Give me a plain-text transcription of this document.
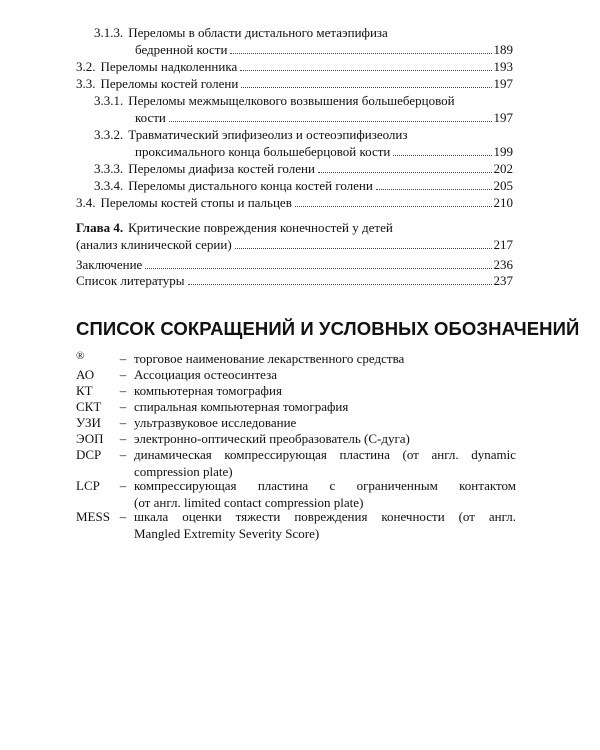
3.1.3. Переломы в области дистального метаэпифиза
бедренной кости	189
3.2. Переломы надколенника	193
3.3. Переломы костей голени	197
3.3.1. Переломы межмыщелкового возвышения большеберцовой
кости	197
3.3.2. Травматический эпифизеолиз и остеоэпифизеолиз
проксимального конца большеберцовой кости	199
3.3.3. Переломы диафиза костей голени	202
3.3.4. Переломы дистального конца костей голени	205
3.4. Переломы костей стопы и пальцев	210
Глава 4. Критические повреждения конечностей у детей
(анализ клинической серии)	217
Заключение	236
Список литературы	237
СПИСОК СОКРАЩЕНИЙ И УСЛОВНЫХ ОБОЗНАЧЕНИЙ
®	– торговое наименование лекарственного средства
АО	– Ассоциация остеосинтеза
КТ	– компьютерная томография
СКТ	– спиральная компьютерная томография
УЗИ	– ультразвуковое исследование
ЭОП	– электронно-оптический преобразователь (С-дуга)
DCP	– динамическая компрессирующая пластина (от англ. dynamic
compression plate)
LCP	– компрессирующая пластина с ограниченным контактом
(от англ. limited contact compression plate)
MESS – шкала оценки тяжести повреждения конечности (от англ.
Mangled Extremity Severity Score)
